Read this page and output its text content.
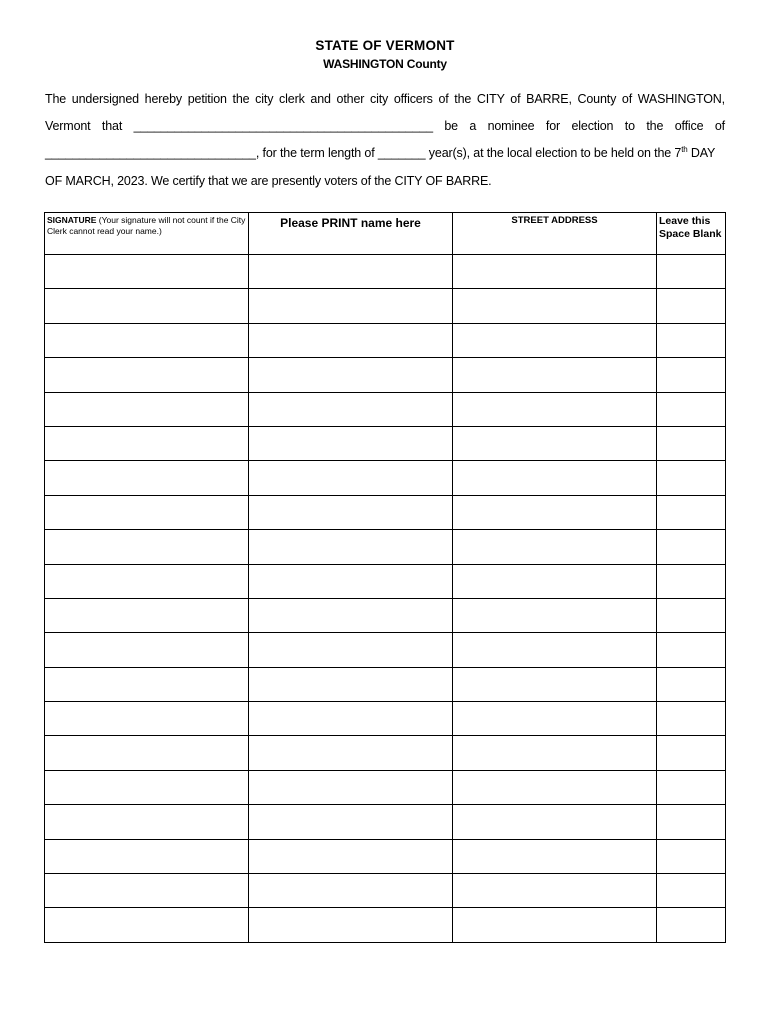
STATE OF VERMONT
WASHINGTON County
The undersigned hereby petition the city clerk and other city officers of the CITY of BARRE, County of WASHINGTON,
Vermont that ____________________________________________ be a nominee for election to the office of
_______________________________, for the term length of _______ year(s), at the local election to be held on the 7th DAY
OF MARCH, 2023. We certify that we are presently voters of the CITY OF BARRE.
SIGNATURE (Your signature will not count if the City Clerk cannot read your name.)	Please PRINT name here	STREET ADDRESS	Leave this Space Blank
